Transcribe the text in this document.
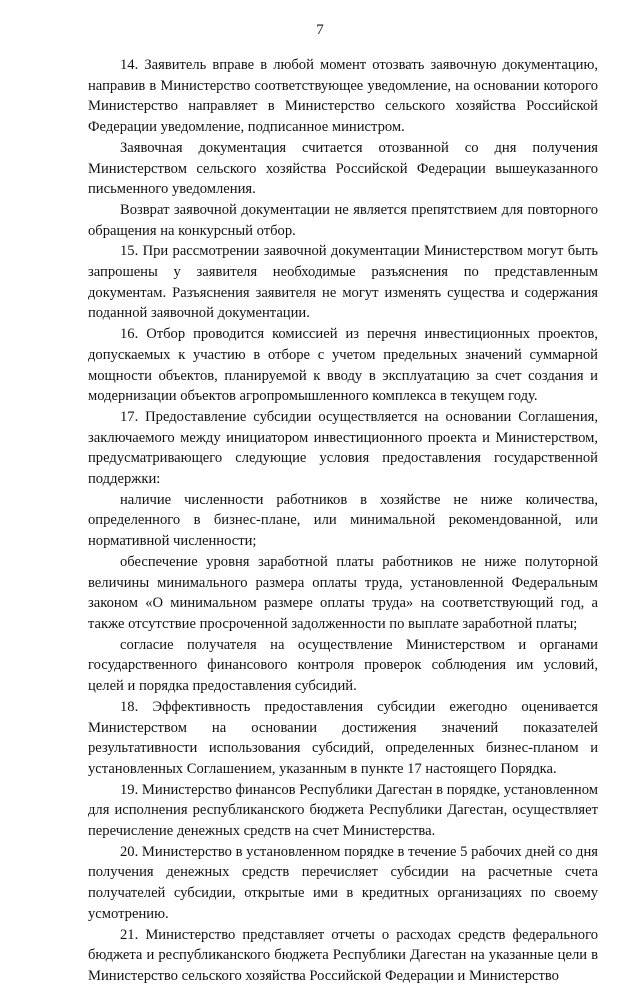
7

14. Заявитель вправе в любой момент отозвать заявочную документацию, направив в Министерство соответствующее уведомление, на основании которого Министерство направляет в Министерство сельского хозяйства Российской Федерации уведомление, подписанное министром.

Заявочная документация считается отозванной со дня получения Министерством сельского хозяйства Российской Федерации вышеуказанного письменного уведомления.

Возврат заявочной документации не является препятствием для повторного обращения на конкурсный отбор.

15. При рассмотрении заявочной документации Министерством могут быть запрошены у заявителя необходимые разъяснения по представленным документам. Разъяснения заявителя не могут изменять существа и содержания поданной заявочной документации.

16. Отбор проводится комиссией из перечня инвестиционных проектов, допускаемых к участию в отборе с учетом предельных значений суммарной мощности объектов, планируемой к вводу в эксплуатацию за счет создания и модернизации объектов агропромышленного комплекса в текущем году.

17. Предоставление субсидии осуществляется на основании Соглашения, заключаемого между инициатором инвестиционного проекта и Министерством, предусматривающего следующие условия предоставления государственной поддержки:

наличие численности работников в хозяйстве не ниже количества, определенного в бизнес-плане, или минимальной рекомендованной, или нормативной численности;

обеспечение уровня заработной платы работников не ниже полуторной величины минимального размера оплаты труда, установленной Федеральным законом «О минимальном размере оплаты труда» на соответствующий год, а также отсутствие просроченной задолженности по выплате заработной платы;

согласие получателя на осуществление Министерством и органами государственного финансового контроля проверок соблюдения им условий, целей и порядка предоставления субсидий.

18. Эффективность предоставления субсидии ежегодно оценивается Министерством на основании достижения значений показателей результативности использования субсидий, определенных бизнес-планом и установленных Соглашением, указанным в пункте 17 настоящего Порядка.

19. Министерство финансов Республики Дагестан в порядке, установленном для исполнения республиканского бюджета Республики Дагестан, осуществляет перечисление денежных средств на счет Министерства.

20. Министерство в установленном порядке в течение 5 рабочих дней со дня получения денежных средств перечисляет субсидии на расчетные счета получателей субсидии, открытые ими в кредитных организациях по своему усмотрению.

21. Министерство представляет отчеты о расходах средств федерального бюджета и республиканского бюджета Республики Дагестан на указанные цели в Министерство сельского хозяйства Российской Федерации и Министерство
